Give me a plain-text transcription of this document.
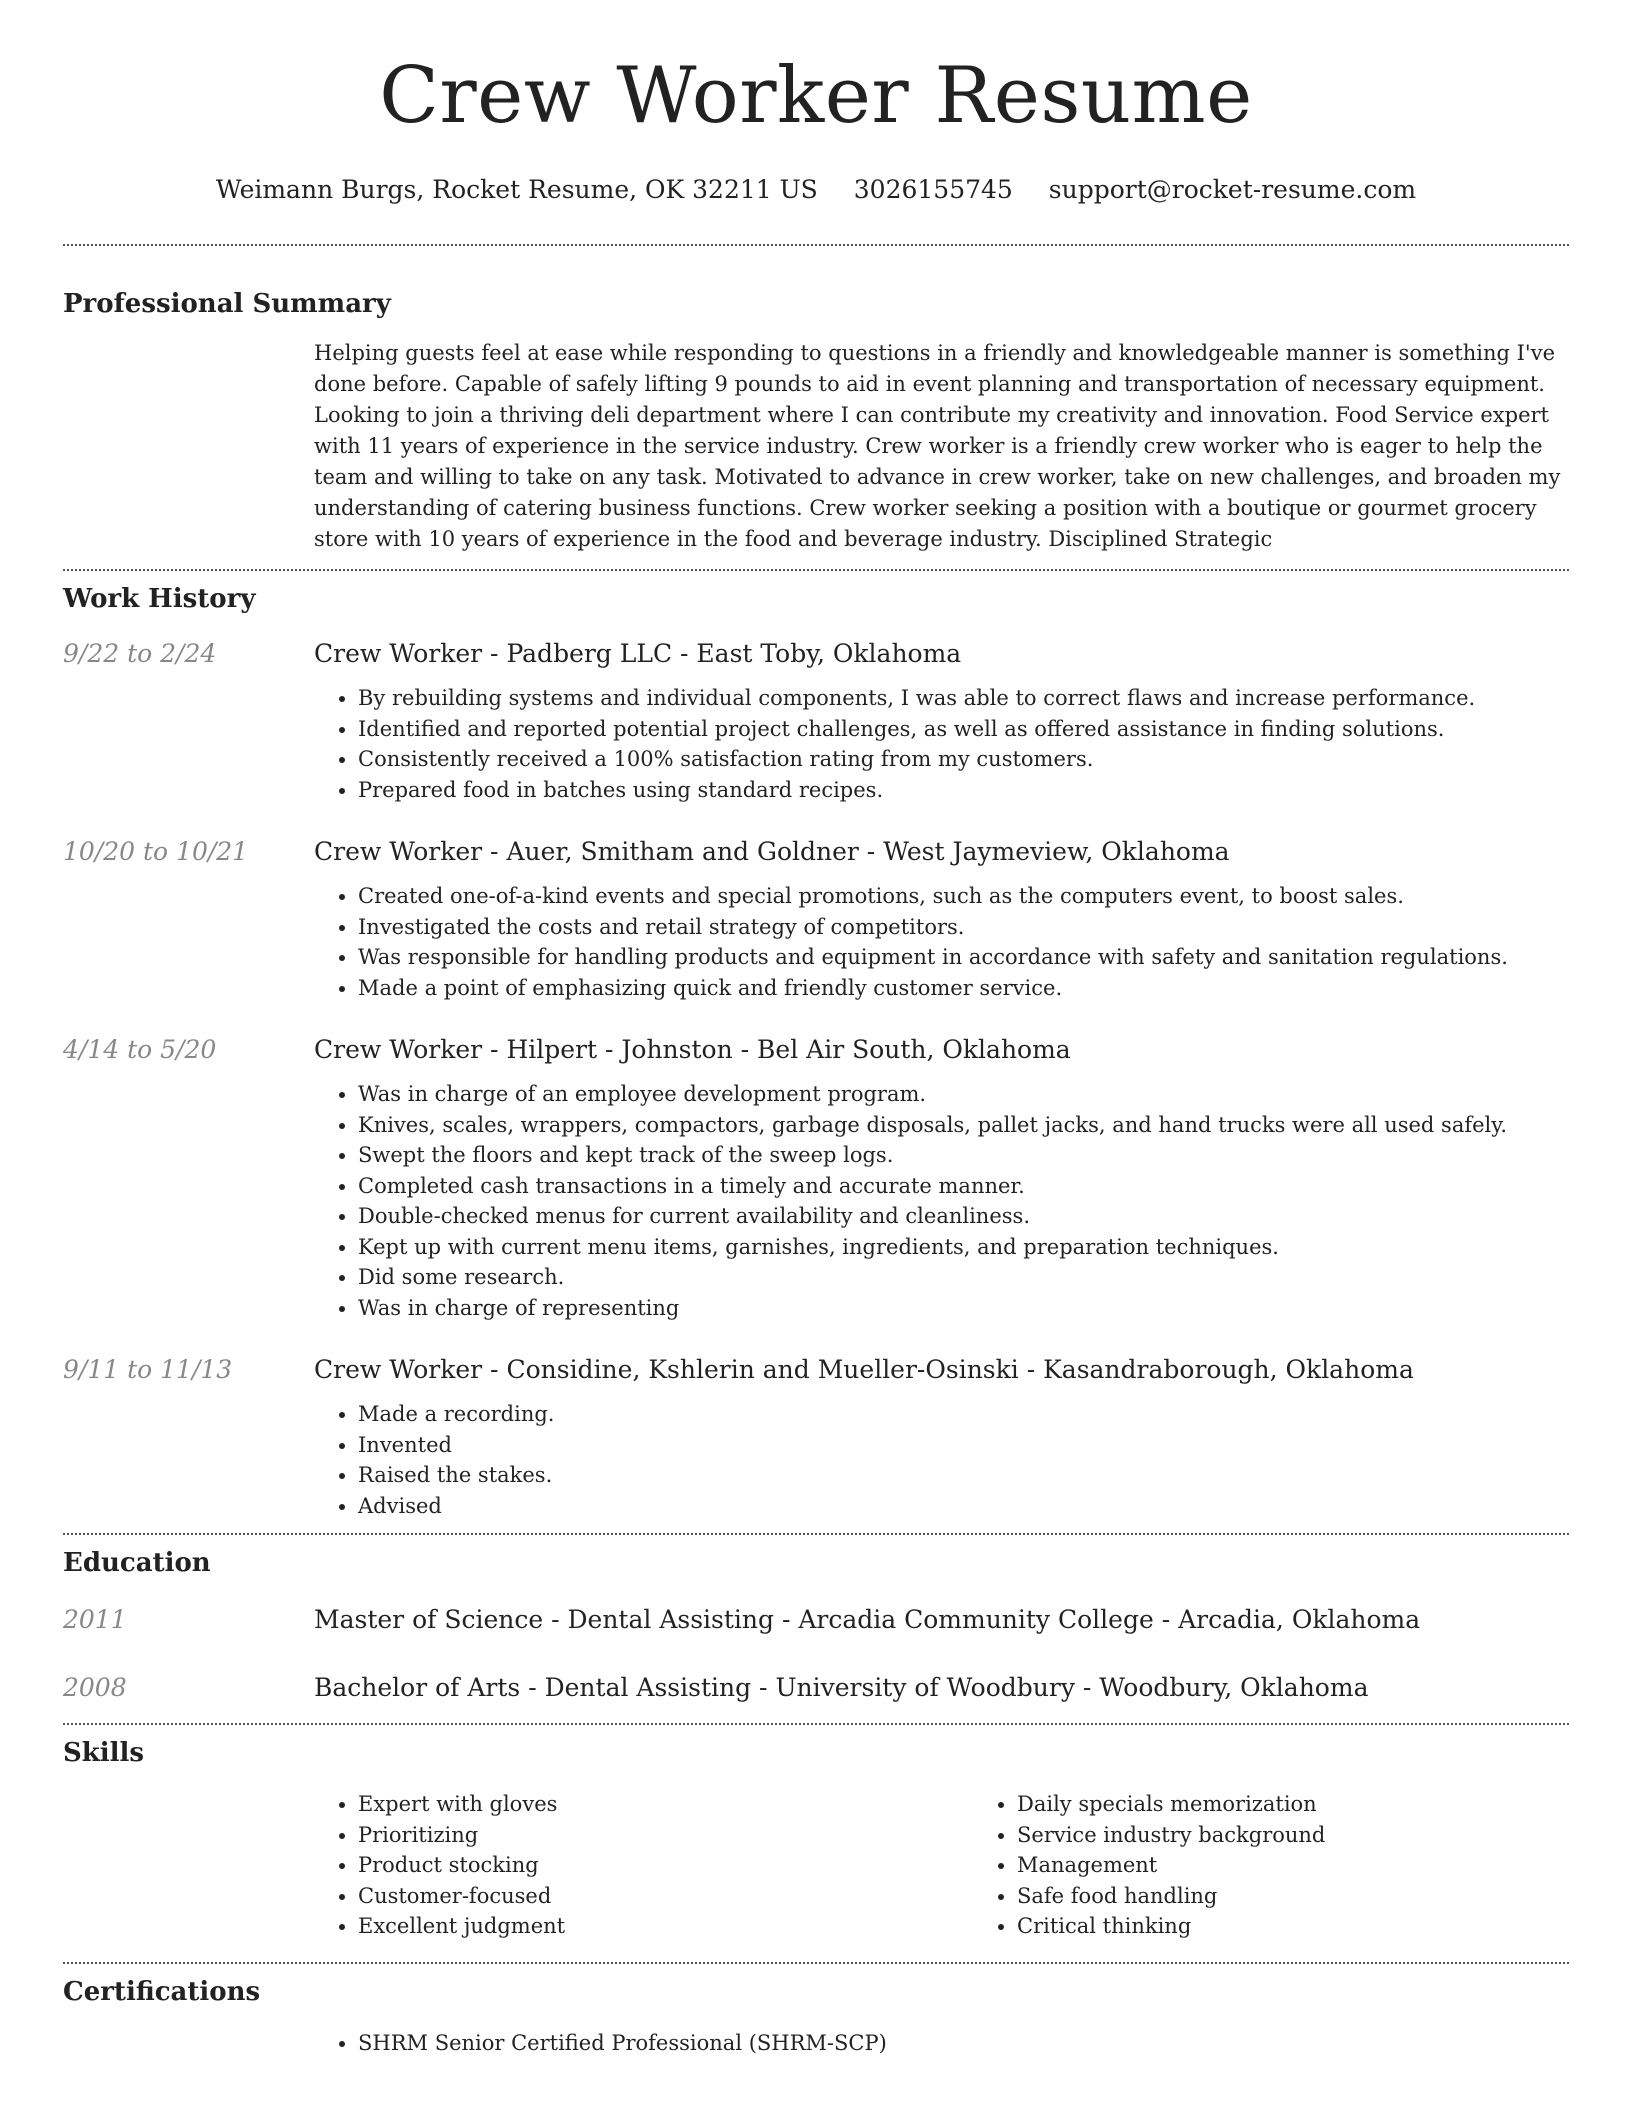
Crew Worker Resume
Weimann Burgs, Rocket Resume, OK 32211 US 3026155745 support@rocket-resume.com
Professional Summary
Helping guests feel at ease while responding to questions in a friendly and knowledgeable manner is something I've done before. Capable of safely lifting 9 pounds to aid in event planning and transportation of necessary equipment. Looking to join a thriving deli department where I can contribute my creativity and innovation. Food Service expert with 11 years of experience in the service industry. Crew worker is a friendly crew worker who is eager to help the team and willing to take on any task. Motivated to advance in crew worker, take on new challenges, and broaden my understanding of catering business functions. Crew worker seeking a position with a boutique or gourmet grocery store with 10 years of experience in the food and beverage industry. Disciplined Strategic
Work History
9/22 to 2/24	Crew Worker - Padberg LLC - East Toby, Oklahoma
• By rebuilding systems and individual components, I was able to correct flaws and increase performance.
• Identified and reported potential project challenges, as well as offered assistance in finding solutions.
• Consistently received a 100% satisfaction rating from my customers.
• Prepared food in batches using standard recipes.
10/20 to 10/21	Crew Worker - Auer, Smitham and Goldner - West Jaymeview, Oklahoma
• Created one-of-a-kind events and special promotions, such as the computers event, to boost sales.
• Investigated the costs and retail strategy of competitors.
• Was responsible for handling products and equipment in accordance with safety and sanitation regulations.
• Made a point of emphasizing quick and friendly customer service.
4/14 to 5/20	Crew Worker - Hilpert - Johnston - Bel Air South, Oklahoma
• Was in charge of an employee development program.
• Knives, scales, wrappers, compactors, garbage disposals, pallet jacks, and hand trucks were all used safely.
• Swept the floors and kept track of the sweep logs.
• Completed cash transactions in a timely and accurate manner.
• Double-checked menus for current availability and cleanliness.
• Kept up with current menu items, garnishes, ingredients, and preparation techniques.
• Did some research.
• Was in charge of representing
9/11 to 11/13	Crew Worker - Considine, Kshlerin and Mueller-Osinski - Kasandraborough, Oklahoma
• Made a recording.
• Invented
• Raised the stakes.
• Advised
Education
2011	Master of Science - Dental Assisting - Arcadia Community College - Arcadia, Oklahoma
2008	Bachelor of Arts - Dental Assisting - University of Woodbury - Woodbury, Oklahoma
Skills
• Expert with gloves
• Prioritizing
• Product stocking
• Customer-focused
• Excellent judgment
• Daily specials memorization
• Service industry background
• Management
• Safe food handling
• Critical thinking
Certifications
• SHRM Senior Certified Professional (SHRM-SCP)
